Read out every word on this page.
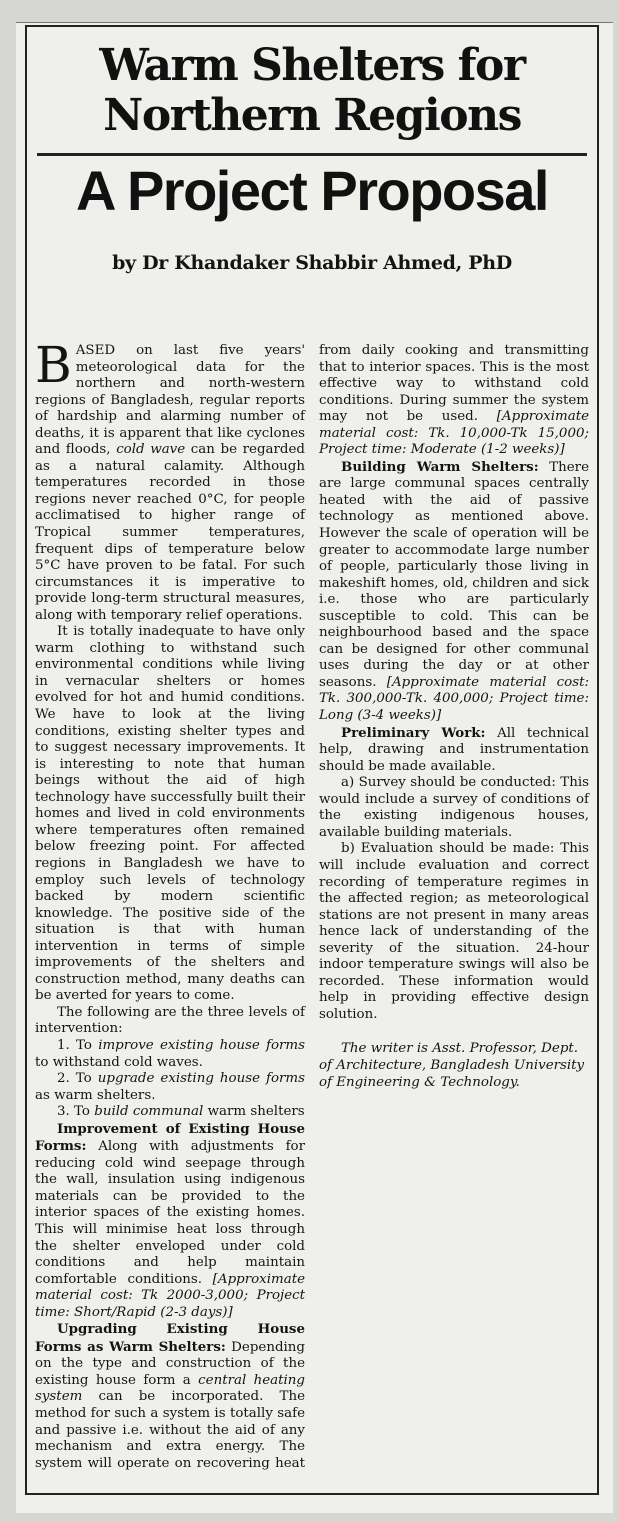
Warm Shelters for Northern Regions
A Project Proposal
by Dr Khandaker Shabbir Ahmed, PhD

BASED on last five years' meteorological data for the northern and north-western regions of Bangladesh, regular reports of hardship and alarming number of deaths, it is apparent that like cyclones and floods, cold wave can be regarded as a natural calamity. Although temperatures recorded in those regions never reached 0°C, for people acclimatised to higher range of Tropical summer temperatures, frequent dips of temperature below 5°C have proven to be fatal. For such circumstances it is imperative to provide long-term structural measures, along with temporary relief operations.

It is totally inadequate to have only warm clothing to withstand such environmental conditions while living in vernacular shelters or homes evolved for hot and humid conditions. We have to look at the living conditions, existing shelter types and to suggest necessary improvements. It is interesting to note that human beings without the aid of high technology have successfully built their homes and lived in cold environments where temperatures often remained below freezing point. For affected regions in Bangladesh we have to employ such levels of technology backed by modern scientific knowledge. The positive side of the situation is that with human intervention in terms of simple improvements of the shelters and construction method, many deaths can be averted for years to come.

The following are the three levels of intervention:

1. To improve existing house forms to withstand cold waves.

2. To upgrade existing house forms as warm shelters.

3. To build communal warm shelters

Improvement of Existing House Forms: Along with adjustments for reducing cold wind seepage through the wall, insulation using indigenous materials can be provided to the interior spaces of the existing homes. This will minimise heat loss through the shelter enveloped under cold conditions and help maintain comfortable conditions. [Approximate material cost: Tk 2000-3,000; Project time: Short/Rapid (2-3 days)]

Upgrading Existing House Forms as Warm Shelters: Depending on the type and construction of the existing house form a central heating system can be incorporated. The method for such a system is totally safe and passive i.e. without the aid of any mechanism and extra energy. The system will operate on recovering heat from daily cooking and transmitting that to interior spaces. This is the most effective way to withstand cold conditions. During summer the system may not be used. [Approximate material cost: Tk. 10,000-Tk 15,000; Project time: Moderate (1-2 weeks)]

Building Warm Shelters: There are large communal spaces centrally heated with the aid of passive technology as mentioned above. However the scale of operation will be greater to accommodate large number of people, particularly those living in makeshift homes, old, children and sick i.e. those who are particularly susceptible to cold. This can be neighbourhood based and the space can be designed for other communal uses during the day or at other seasons. [Approximate material cost: Tk. 300,000-Tk. 400,000; Project time: Long (3-4 weeks)]

Preliminary Work: All technical help, drawing and instrumentation should be made available.

a) Survey should be conducted: This would include a survey of conditions of the existing indigenous houses, available building materials.

b) Evaluation should be made: This will include evaluation and correct recording of temperature regimes in the affected region; as meteorological stations are not present in many areas hence lack of understanding of the severity of the situation. 24-hour indoor temperature swings will also be recorded. These information would help in providing effective design solution.

The writer is Asst. Professor, Dept. of Architecture, Bangladesh University of Engineering & Technology.
